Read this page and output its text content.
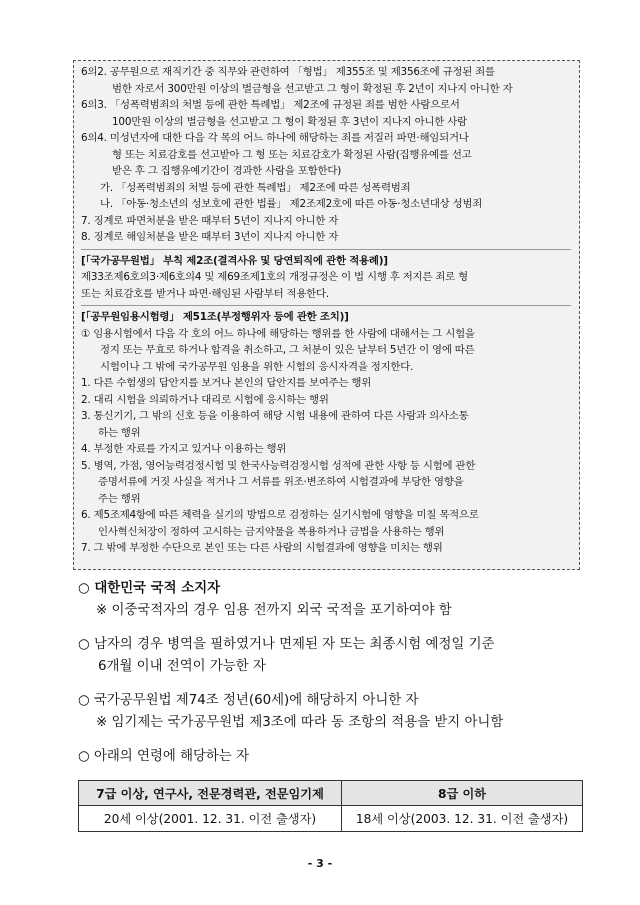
6의2. 공무원으로 재직기간 중 직무와 관련하여 「형법」 제355조 및 제356조에 규정된 죄를
범한 자로서 300만원 이상의 벌금형을 선고받고 그 형이 확정된 후 2년이 지나지 아니한 자
6의3. 「성폭력범죄의 처벌 등에 관한 특례법」 제2조에 규정된 죄를 범한 사람으로서
100만원 이상의 벌금형을 선고받고 그 형이 확정된 후 3년이 지나지 아니한 사람
6의4. 미성년자에 대한 다음 각 목의 어느 하나에 해당하는 죄를 저질러 파면·해임되거나
형 또는 치료감호를 선고받아 그 형 또는 치료감호가 확정된 사람(집행유예를 선고
받은 후 그 집행유예기간이 경과한 사람을 포함한다)
가. 「성폭력범죄의 처벌 등에 관한 특례법」 제2조에 따른 성폭력범죄
나. 「아동·청소년의 성보호에 관한 법률」 제2조제2호에 따른 아동·청소년대상 성범죄
7. 징계로 파면처분을 받은 때부터 5년이 지나지 아니한 자
8. 징계로 해임처분을 받은 때부터 3년이 지나지 아니한 자
[「국가공무원법」 부칙 제2조(결격사유 및 당연퇴직에 관한 적용례)]
제33조제6호의3·제6호의4 및 제69조제1호의 개정규정은 이 법 시행 후 저지른 죄로 형
또는 치료감호를 받거나 파면·해임된 사람부터 적용한다.
[「공무원임용시험령」 제51조(부정행위자 등에 관한 조치)]
① 임용시험에서 다음 각 호의 어느 하나에 해당하는 행위를 한 사람에 대해서는 그 시험을
정지 또는 무효로 하거나 합격을 취소하고, 그 처분이 있은 날부터 5년간 이 영에 따른
시험이나 그 밖에 국가공무원 임용을 위한 시험의 응시자격을 정지한다.
1. 다른 수험생의 답안지를 보거나 본인의 답안지를 보여주는 행위
2. 대리 시험을 의뢰하거나 대리로 시험에 응시하는 행위
3. 통신기기, 그 밖의 신호 등을 이용하여 해당 시험 내용에 관하여 다른 사람과 의사소통
하는 행위
4. 부정한 자료를 가지고 있거나 이용하는 행위
5. 병역, 가점, 영어능력검정시험 및 한국사능력검정시험 성적에 관한 사항 등 시험에 관한
증명서류에 거짓 사실을 적거나 그 서류를 위조·변조하여 시험결과에 부당한 영향을
주는 행위
6. 제5조제4항에 따른 체력을 실기의 방법으로 검정하는 실기시험에 영향을 미칠 목적으로
인사혁신처장이 정하여 고시하는 금지약물을 복용하거나 금법을 사용하는 행위
7. 그 밖에 부정한 수단으로 본인 또는 다른 사람의 시험결과에 영향을 미치는 행위
○ 대한민국 국적 소지자
※ 이중국적자의 경우 임용 전까지 외국 국적을 포기하여야 함
○ 남자의 경우 병역을 필하였거나 면제된 자 또는 최종시험 예정일 기준
6개월 이내 전역이 가능한 자
○ 국가공무원법 제74조 정년(60세)에 해당하지 아니한 자
※ 임기제는 국가공무원법 제3조에 따라 동 조항의 적용을 받지 아니함
○ 아래의 연령에 해당하는 자
7급 이상, 연구사, 전문경력관, 전문임기제	8급 이하
20세 이상(2001. 12. 31. 이전 출생자)	18세 이상(2003. 12. 31. 이전 출생자)
- 3 -
